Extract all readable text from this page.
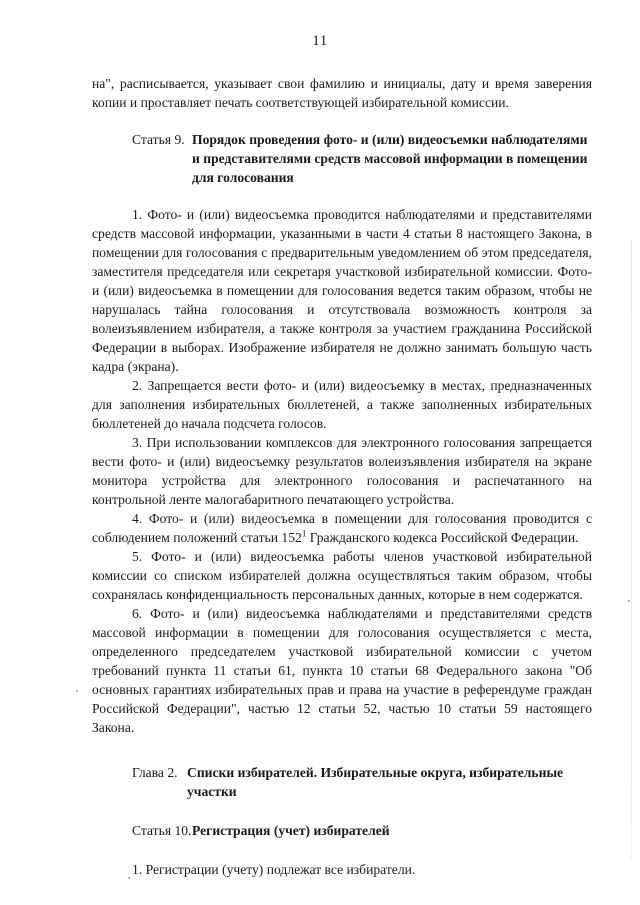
11

на", расписывается, указывает свои фамилию и инициалы, дату и время заверения копии и проставляет печать соответствующей избирательной комиссии.

Статья 9. Порядок проведения фото- и (или) видеосъемки наблюдателями и представителями средств массовой информации в помещении для голосования

1. Фото- и (или) видеосъемка проводится наблюдателями и представителями средств массовой информации, указанными в части 4 статьи 8 настоящего Закона, в помещении для голосования с предварительным уведомлением об этом председателя, заместителя председателя или секретаря участковой избирательной комиссии. Фото- и (или) видеосъемка в помещении для голосования ведется таким образом, чтобы не нарушалась тайна голосования и отсутствовала возможность контроля за волеизъявлением избирателя, а также контроля за участием гражданина Российской Федерации в выборах. Изображение избирателя не должно занимать большую часть кадра (экрана).

2. Запрещается вести фото- и (или) видеосъемку в местах, предназначенных для заполнения избирательных бюллетеней, а также заполненных избирательных бюллетеней до начала подсчета голосов.

3. При использовании комплексов для электронного голосования запрещается вести фото- и (или) видеосъемку результатов волеизъявления избирателя на экране монитора устройства для электронного голосования и распечатанного на контрольной ленте малогабаритного печатающего устройства.

4. Фото- и (или) видеосъемка в помещении для голосования проводится с соблюдением положений статьи $152^1$ Гражданского кодекса Российской Федерации.

5. Фото- и (или) видеосъемка работы членов участковой избирательной комиссии со списком избирателей должна осуществляться таким образом, чтобы сохранялась конфиденциальность персональных данных, которые в нем содержатся.

6. Фото- и (или) видеосъемка наблюдателями и представителями средств массовой информации в помещении для голосования осуществляется с места, определенного председателем участковой избирательной комиссии с учетом требований пункта 11 статьи 61, пункта 10 статьи 68 Федерального закона "Об основных гарантиях избирательных прав и права на участие в референдуме граждан Российской Федерации", частью 12 статьи 52, частью 10 статьи 59 настоящего Закона.

Глава 2. Списки избирателей. Избирательные округа, избирательные участки
Статья 10. Регистрация (учет) избирателей

1. Регистрации (учету) подлежат все избиратели.
